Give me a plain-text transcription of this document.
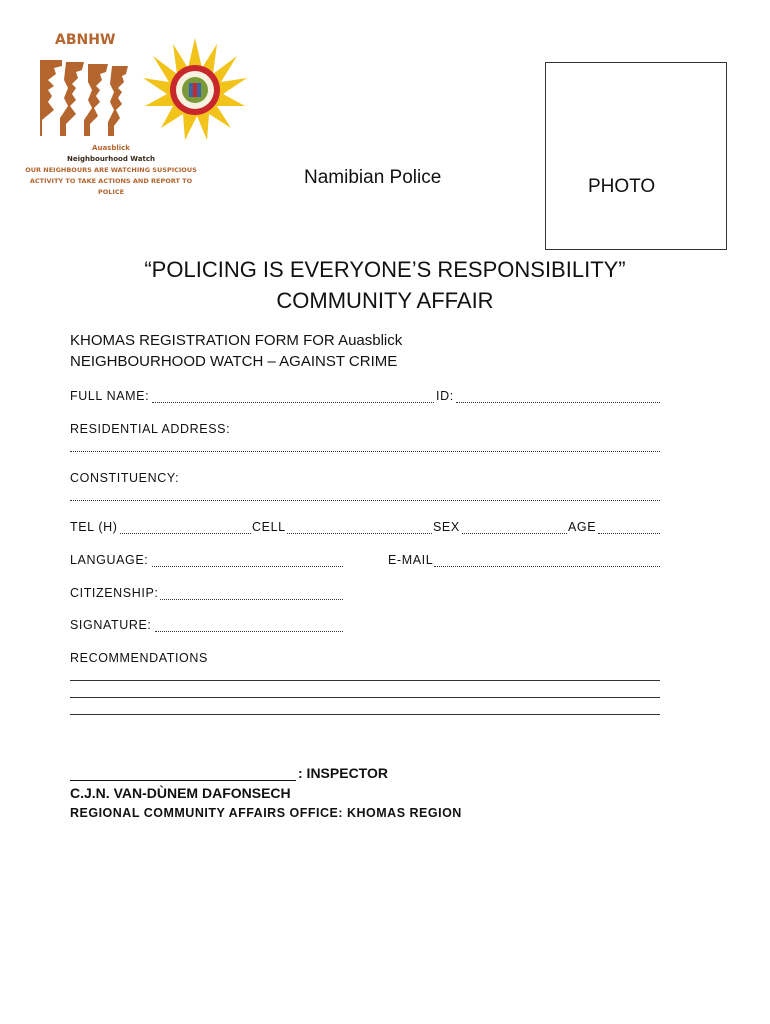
ABNHW
Auasblick
Neighbourhood Watch
OUR NEIGHBOURS ARE WATCHING SUSPICIOUS
ACTIVITY TO TAKE ACTIONS AND REPORT TO POLICE
Namibian Police	PHOTO
“POLICING IS EVERYONE’S RESPONSIBILITY”
COMMUNITY AFFAIR
KHOMAS REGISTRATION FORM FOR Auasblick
NEIGHBOURHOOD WATCH – AGAINST CRIME
FULL NAME:	ID:
RESIDENTIAL ADDRESS:
CONSTITUENCY:
TEL (H)	CELL	SEX	AGE
LANGUAGE:	E-MAIL
CITIZENSHIP:
SIGNATURE:
RECOMMENDATIONS
: INSPECTOR
C.J.N. VAN-DÙNEM DAFONSECH
REGIONAL COMMUNITY AFFAIRS OFFICE: KHOMAS REGION
